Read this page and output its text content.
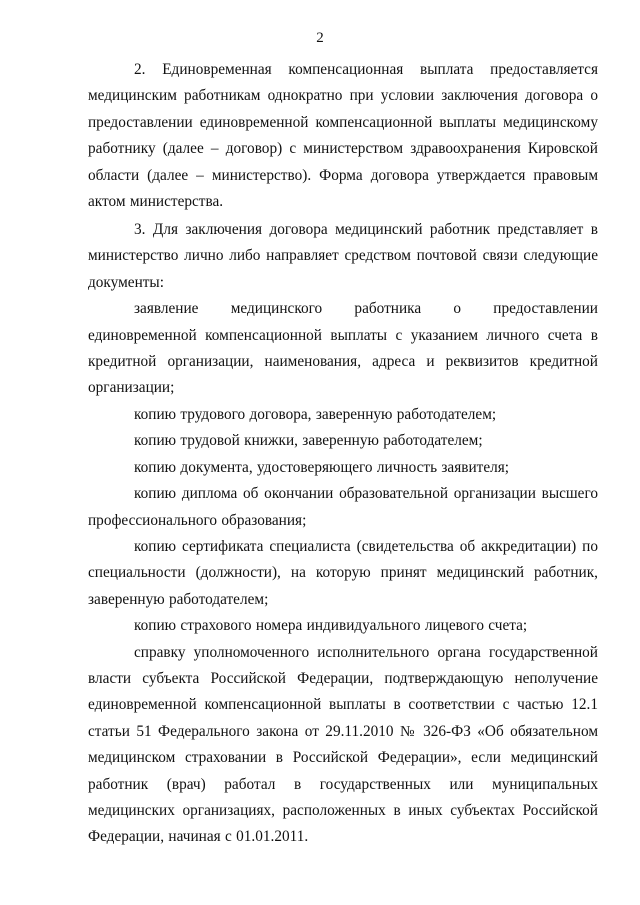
2

2. Единовременная компенсационная выплата предоставляется медицинским работникам однократно при условии заключения договора о предоставлении единовременной компенсационной выплаты медицинскому работнику (далее – договор) с министерством здравоохранения Кировской области (далее – министерство). Форма договора утверждается правовым актом министерства.

3. Для заключения договора медицинский работник представляет в министерство лично либо направляет средством почтовой связи следующие документы:

заявление медицинского работника о предоставлении единовременной компенсационной выплаты с указанием личного счета в кредитной организации, наименования, адреса и реквизитов кредитной организации;

копию трудового договора, заверенную работодателем;

копию трудовой книжки, заверенную работодателем;

копию документа, удостоверяющего личность заявителя;

копию диплома об окончании образовательной организации высшего профессионального образования;

копию сертификата специалиста (свидетельства об аккредитации) по специальности (должности), на которую принят медицинский работник, заверенную работодателем;

копию страхового номера индивидуального лицевого счета;

справку уполномоченного исполнительного органа государственной власти субъекта Российской Федерации, подтверждающую неполучение единовременной компенсационной выплаты в соответствии с частью 12.1 статьи 51 Федерального закона от 29.11.2010 № 326-ФЗ «Об обязательном медицинском страховании в Российской Федерации», если медицинский работник (врач) работал в государственных или муниципальных медицинских организациях, расположенных в иных субъектах Российской Федерации, начиная с 01.01.2011.
